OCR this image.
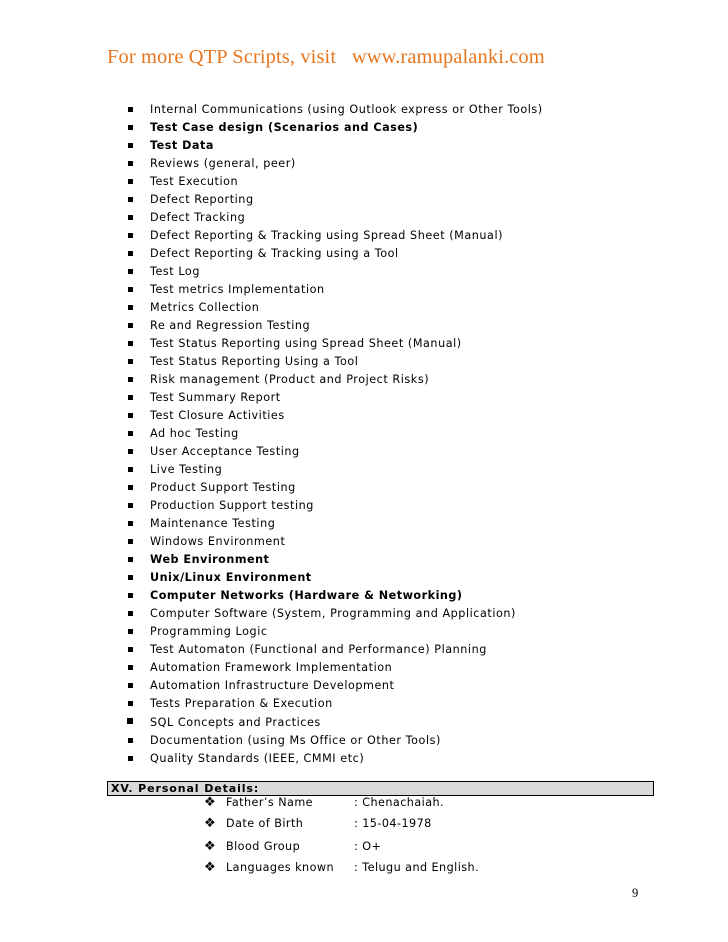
For more QTP Scripts, visit   www.ramupalanki.com
Internal Communications (using Outlook express or Other Tools)
Test Case design (Scenarios and Cases)
Test Data
Reviews (general, peer)
Test Execution
Defect Reporting
Defect Tracking
Defect Reporting & Tracking using Spread Sheet (Manual)
Defect Reporting & Tracking using a Tool
Test Log
Test metrics Implementation
Metrics Collection
Re and Regression Testing
Test Status Reporting using Spread Sheet (Manual)
Test Status Reporting Using a Tool
Risk management (Product and Project Risks)
Test Summary Report
Test Closure Activities
Ad hoc Testing
User Acceptance Testing
Live Testing
Product Support Testing
Production Support testing
Maintenance Testing
Windows Environment
Web Environment
Unix/Linux Environment
Computer Networks (Hardware & Networking)
Computer Software (System, Programming and Application)
Programming Logic
Test Automaton (Functional and Performance) Planning
Automation Framework Implementation
Automation Infrastructure Development
Tests Preparation & Execution
SQL Concepts and Practices
Documentation (using Ms Office or Other Tools)
Quality Standards (IEEE, CMMI etc)
XV. Personal Details:
❖ Father’s Name	: Chenachaiah.
❖ Date of Birth	: 15-04-1978
❖ Blood Group	: O+
❖ Languages known : Telugu and English.
9
